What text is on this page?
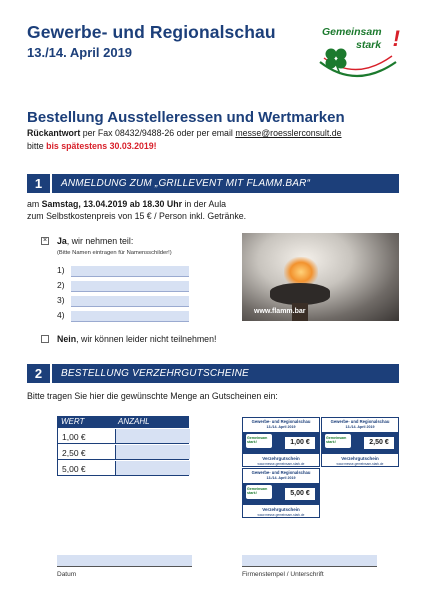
Gewerbe- und Regionalschau
13./14. April 2019
Gemeinsam
stark !
Bestellung Ausstelleressen und Wertmarken
Rückantwort per Fax 08432/9488-26 oder per email messe@roesslerconsult.de
bitte bis spätestens 30.03.2019!
1	ANMELDUNG ZUM „GRILLEVENT MIT FLAMM.BAR“
am Samstag, 13.04.2019 ab 18.30 Uhr in der Aula
zum Selbstkostenpreis von 15 € / Person inkl. Getränke.
× Ja, wir nehmen teil:
(Bitte Namen eintragen für Namensschilder!)
1)
2)
3)
4)	www.flamm.bar
Nein, wir können leider nicht teilnehmen!
2	BESTELLUNG VERZEHRGUTSCHEINE
Bitte tragen Sie hier die gewünschte Menge an Gutscheinen ein:
WERT	ANZAHL
1,00 €
2,50 €
5,00 €
Gewerbe- und Regionalschau
13./14. April 2019
Gemeinsam stark!	1,00 €
Verzehrgutschein
www.messe-gemeinsam-stark.de
Gewerbe- und Regionalschau
13./14. April 2019
Gemeinsam stark!	2,50 €
Verzehrgutschein
www.messe-gemeinsam-stark.de
Gewerbe- und Regionalschau
13./14. April 2019
Gemeinsam stark!	5,00 €
Verzehrgutschein
www.messe-gemeinsam-stark.de
Datum	Firmenstempel / Unterschrift
